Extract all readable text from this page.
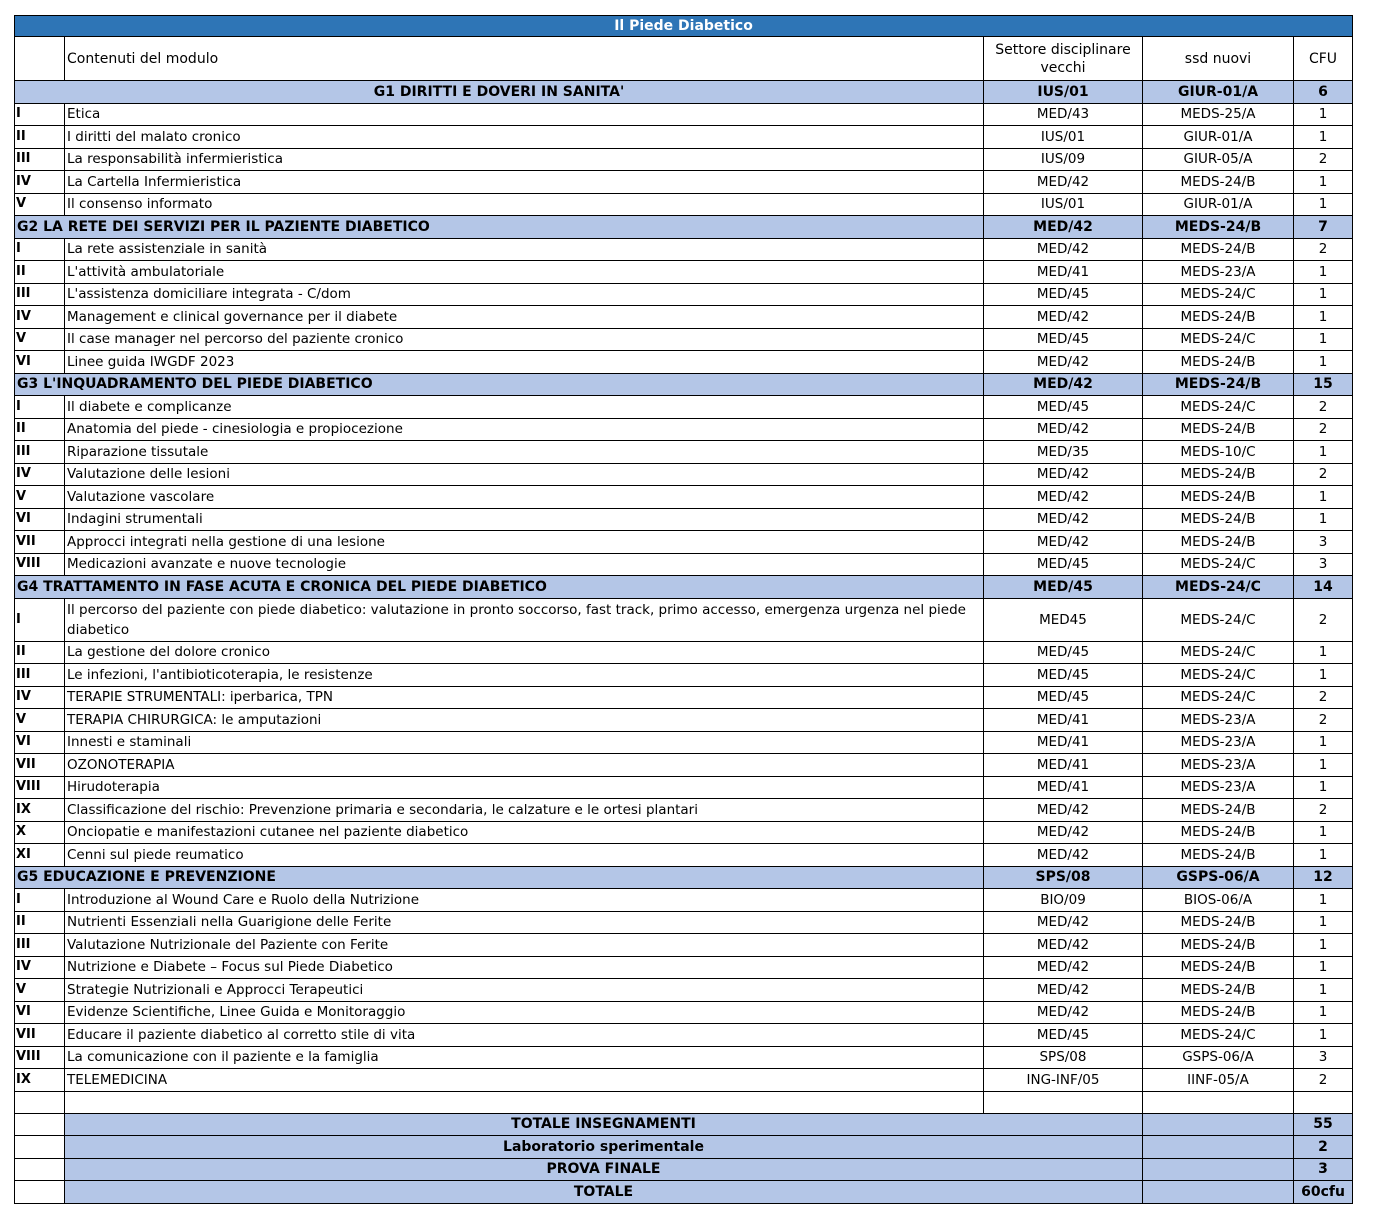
Il Piede Diabetico				
	Contenuti del modulo	Settore disciplinare vecchi	ssd nuovi	CFU
G1 DIRITTI E DOVERI IN SANITA'		IUS/01	GIUR-01/A	6
I	Etica	MED/43	MEDS-25/A	1
II	I diritti del malato cronico	IUS/01	GIUR-01/A	1
III	La responsabilità infermieristica	IUS/09	GIUR-05/A	2
IV	La Cartella Infermieristica	MED/42	MEDS-24/B	1
V	Il consenso informato	IUS/01	GIUR-01/A	1
G2 LA RETE DEI SERVIZI PER IL PAZIENTE DIABETICO		MED/42	MEDS-24/B	7
I	La rete assistenziale in sanità	MED/42	MEDS-24/B	2
II	L'attività ambulatoriale	MED/41	MEDS-23/A	1
III	L'assistenza domiciliare integrata - C/dom	MED/45	MEDS-24/C	1
IV	Management e clinical governance per il diabete	MED/42	MEDS-24/B	1
V	Il case manager nel percorso del paziente cronico	MED/45	MEDS-24/C	1
VI	Linee guida IWGDF 2023	MED/42	MEDS-24/B	1
G3 L'INQUADRAMENTO DEL PIEDE DIABETICO		MED/42	MEDS-24/B	15
I	Il diabete e complicanze	MED/45	MEDS-24/C	2
II	Anatomia del piede - cinesiologia e propiocezione	MED/42	MEDS-24/B	2
III	Riparazione tissutale	MED/35	MEDS-10/C	1
IV	Valutazione delle lesioni	MED/42	MEDS-24/B	2
V	Valutazione vascolare	MED/42	MEDS-24/B	1
VI	Indagini strumentali	MED/42	MEDS-24/B	1
VII	Approcci integrati nella gestione di una lesione	MED/42	MEDS-24/B	3
VIII	Medicazioni avanzate e nuove tecnologie	MED/45	MEDS-24/C	3
G4 TRATTAMENTO IN FASE ACUTA E CRONICA DEL PIEDE DIABETICO		MED/45	MEDS-24/C	14
I	Il percorso del paziente con piede diabetico: valutazione in pronto soccorso, fast track, primo accesso, emergenza urgenza nel piede diabetico	MED45	MEDS-24/C	2
II	La gestione del dolore cronico	MED/45	MEDS-24/C	1
III	Le infezioni, l'antibioticoterapia, le resistenze	MED/45	MEDS-24/C	1
IV	TERAPIE STRUMENTALI: iperbarica, TPN	MED/45	MEDS-24/C	2
V	TERAPIA CHIRURGICA: le amputazioni	MED/41	MEDS-23/A	2
VI	Innesti e staminali	MED/41	MEDS-23/A	1
VII	OZONOTERAPIA	MED/41	MEDS-23/A	1
VIII	Hirudoterapia	MED/41	MEDS-23/A	1
IX	Classificazione del rischio: Prevenzione primaria e secondaria, le calzature e le ortesi plantari	MED/42	MEDS-24/B	2
X	Onciopatie e manifestazioni cutanee nel paziente diabetico	MED/42	MEDS-24/B	1
XI	Cenni sul piede reumatico	MED/42	MEDS-24/B	1
G5 EDUCAZIONE E PREVENZIONE		SPS/08	GSPS-06/A	12
I	Introduzione al Wound Care e Ruolo della Nutrizione	BIO/09	BIOS-06/A	1
II	Nutrienti Essenziali nella Guarigione delle Ferite	MED/42	MEDS-24/B	1
III	Valutazione Nutrizionale del Paziente con Ferite	MED/42	MEDS-24/B	1
IV	Nutrizione e Diabete – Focus sul Piede Diabetico	MED/42	MEDS-24/B	1
V	Strategie Nutrizionali e Approcci Terapeutici	MED/42	MEDS-24/B	1
VI	Evidenze Scientifiche, Linee Guida e Monitoraggio	MED/42	MEDS-24/B	1
VII	Educare il paziente diabetico al corretto stile di vita	MED/45	MEDS-24/C	1
VIII	La comunicazione con il paziente e la famiglia	SPS/08	GSPS-06/A	3
IX	TELEMEDICINA	ING-INF/05	IINF-05/A	2

	TOTALE INSEGNAMENTI			55
	Laboratorio sperimentale			2
	PROVA FINALE			3
	TOTALE			60cfu
